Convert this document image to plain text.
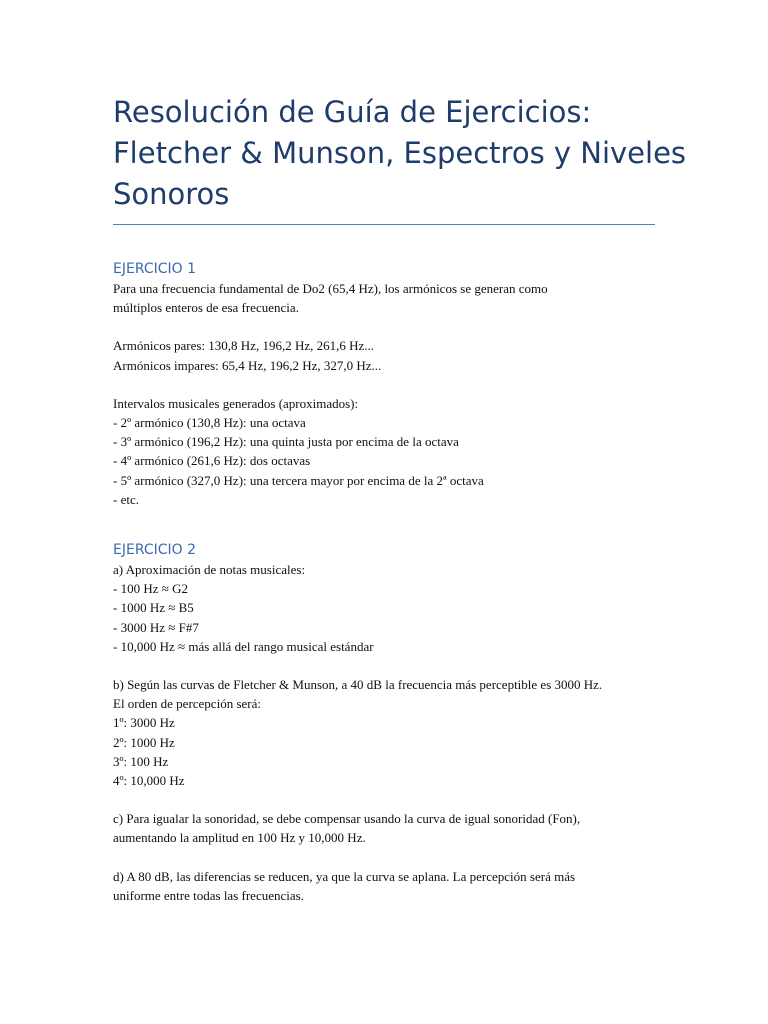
Resolución de Guía de Ejercicios:
Fletcher & Munson, Espectros y Niveles
Sonoros
EJERCICIO 1
Para una frecuencia fundamental de Do2 (65,4 Hz), los armónicos se generan como
múltiplos enteros de esa frecuencia.
Armónicos pares: 130,8 Hz, 196,2 Hz, 261,6 Hz...
Armónicos impares: 65,4 Hz, 196,2 Hz, 327,0 Hz...
Intervalos musicales generados (aproximados):
- 2º armónico (130,8 Hz): una octava
- 3º armónico (196,2 Hz): una quinta justa por encima de la octava
- 4º armónico (261,6 Hz): dos octavas
- 5º armónico (327,0 Hz): una tercera mayor por encima de la 2ª octava
- etc.
EJERCICIO 2
a) Aproximación de notas musicales:
- 100 Hz ≈ G2
- 1000 Hz ≈ B5
- 3000 Hz ≈ F#7
- 10,000 Hz ≈ más allá del rango musical estándar
b) Según las curvas de Fletcher & Munson, a 40 dB la frecuencia más perceptible es 3000 Hz.
El orden de percepción será:
1º: 3000 Hz
2º: 1000 Hz
3º: 100 Hz
4º: 10,000 Hz
c) Para igualar la sonoridad, se debe compensar usando la curva de igual sonoridad (Fon),
aumentando la amplitud en 100 Hz y 10,000 Hz.
d) A 80 dB, las diferencias se reducen, ya que la curva se aplana. La percepción será más
uniforme entre todas las frecuencias.
